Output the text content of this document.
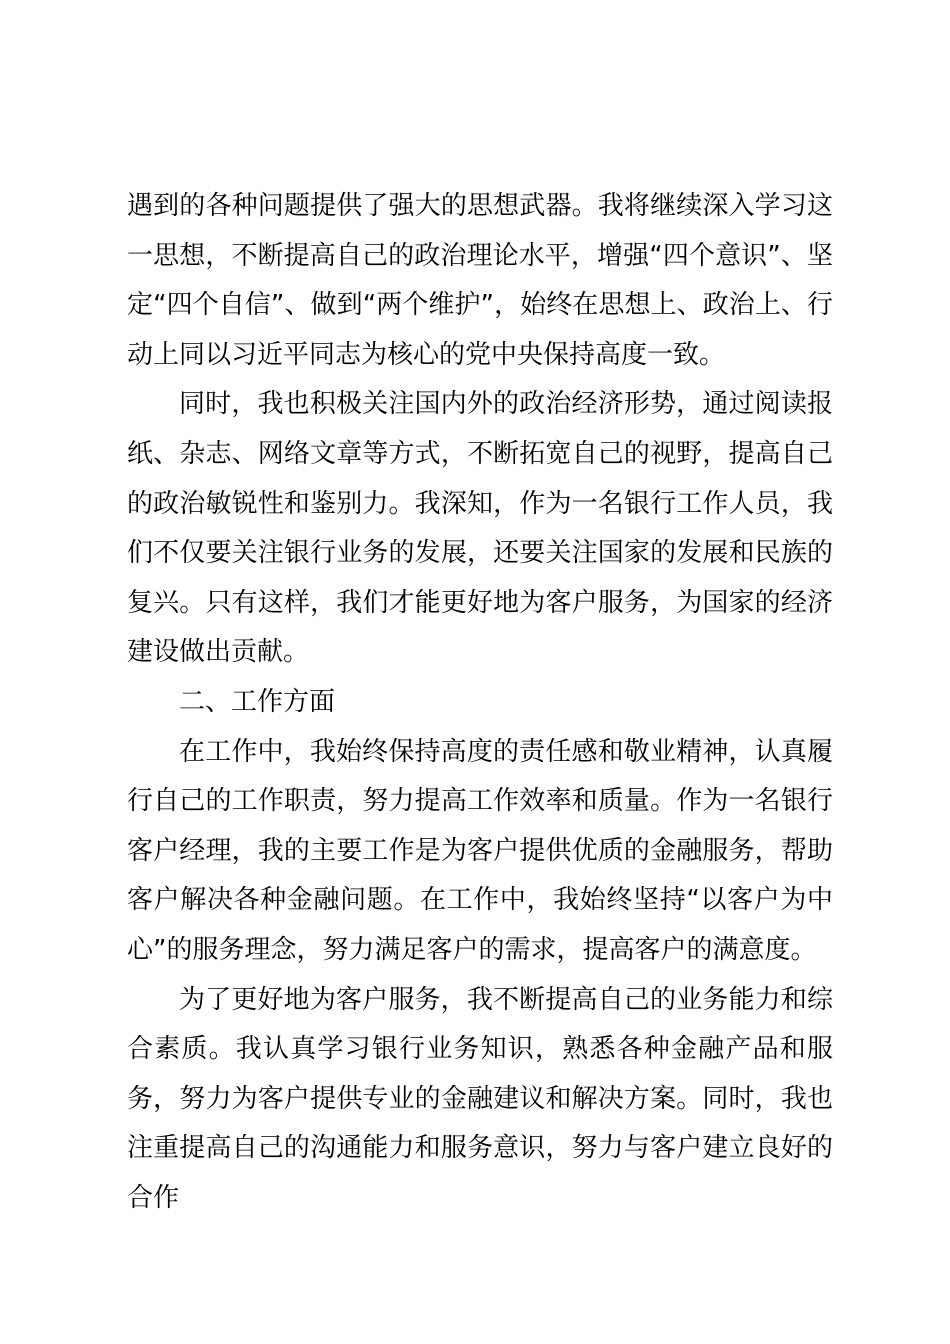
遇到的各种问题提供了强大的思想武器。我将继续深入学习这一思想，不断提高自己的政治理论水平，增强“四个意识”、坚定“四个自信”、做到“两个维护”，始终在思想上、政治上、行动上同以习近平同志为核心的党中央保持高度一致。

同时，我也积极关注国内外的政治经济形势，通过阅读报纸、杂志、网络文章等方式，不断拓宽自己的视野，提高自己的政治敏锐性和鉴别力。我深知，作为一名银行工作人员，我们不仅要关注银行业务的发展，还要关注国家的发展和民族的复兴。只有这样，我们才能更好地为客户服务，为国家的经济建设做出贡献。

二、工作方面

在工作中，我始终保持高度的责任感和敬业精神，认真履行自己的工作职责，努力提高工作效率和质量。作为一名银行客户经理，我的主要工作是为客户提供优质的金融服务，帮助客户解决各种金融问题。在工作中，我始终坚持“以客户为中心”的服务理念，努力满足客户的需求，提高客户的满意度。

为了更好地为客户服务，我不断提高自己的业务能力和综合素质。我认真学习银行业务知识，熟悉各种金融产品和服务，努力为客户提供专业的金融建议和解决方案。同时，我也注重提高自己的沟通能力和服务意识，努力与客户建立良好的合作
